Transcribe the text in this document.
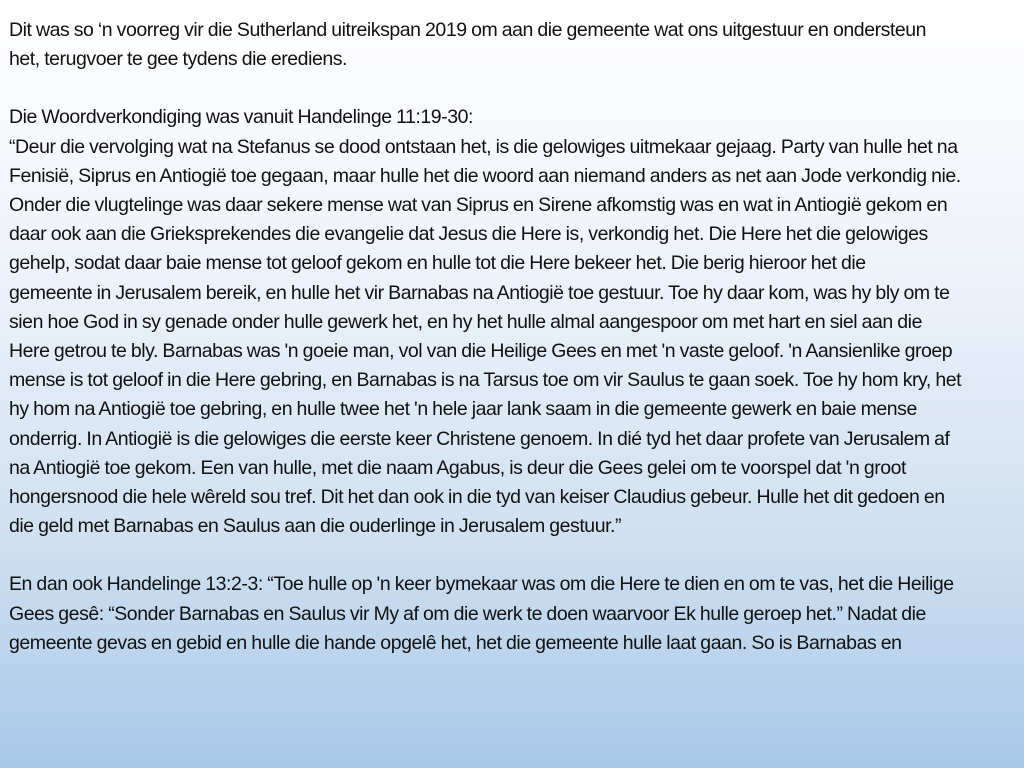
Dit was so ‘n voorreg vir die Sutherland uitreikspan 2019 om aan die gemeente wat ons uitgestuur en ondersteun
het, terugvoer te gee tydens die erediens.

Die Woordverkondiging was vanuit Handelinge 11:19-30:
“Deur die vervolging wat na Stefanus se dood ontstaan het, is die gelowiges uitmekaar gejaag. Party van hulle het na
Fenisië, Siprus en Antiogië toe gegaan, maar hulle het die woord aan niemand anders as net aan Jode verkondig nie.
Onder die vlugtelinge was daar sekere mense wat van Siprus en Sirene afkomstig was en wat in Antiogië gekom en
daar ook aan die Grieksprekendes die evangelie dat Jesus die Here is, verkondig het. Die Here het die gelowiges
gehelp, sodat daar baie mense tot geloof gekom en hulle tot die Here bekeer het. Die berig hieroor het die
gemeente in Jerusalem bereik, en hulle het vir Barnabas na Antiogië toe gestuur. Toe hy daar kom, was hy bly om te
sien hoe God in sy genade onder hulle gewerk het, en hy het hulle almal aangespoor om met hart en siel aan die
Here getrou te bly. Barnabas was 'n goeie man, vol van die Heilige Gees en met 'n vaste geloof. 'n Aansienlike groep
mense is tot geloof in die Here gebring, en Barnabas is na Tarsus toe om vir Saulus te gaan soek. Toe hy hom kry, het
hy hom na Antiogië toe gebring, en hulle twee het 'n hele jaar lank saam in die gemeente gewerk en baie mense
onderrig. In Antiogië is die gelowiges die eerste keer Christene genoem. In dié tyd het daar profete van Jerusalem af
na Antiogië toe gekom. Een van hulle, met die naam Agabus, is deur die Gees gelei om te voorspel dat 'n groot
hongersnood die hele wêreld sou tref. Dit het dan ook in die tyd van keiser Claudius gebeur. Hulle het dit gedoen en
die geld met Barnabas en Saulus aan die ouderlinge in Jerusalem gestuur.”

En dan ook Handelinge 13:2-3: “Toe hulle op 'n keer bymekaar was om die Here te dien en om te vas, het die Heilige
Gees gesê: “Sonder Barnabas en Saulus vir My af om die werk te doen waarvoor Ek hulle geroep het.” Nadat die
gemeente gevas en gebid en hulle die hande opgelê het, het die gemeente hulle laat gaan. So is Barnabas en
